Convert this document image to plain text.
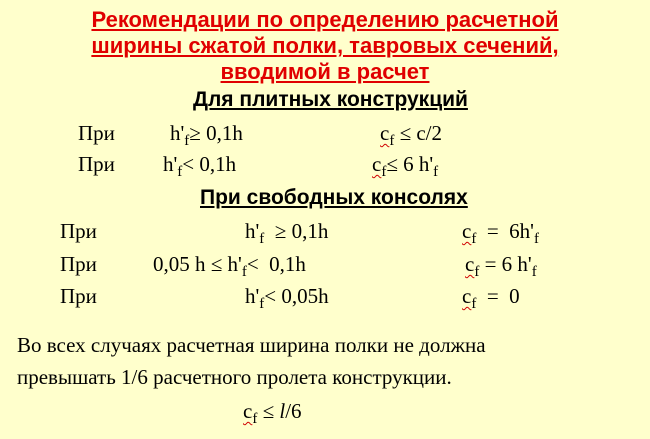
Рекомендации по определению расчетной
ширины сжатой полки, тавровых сечений,
вводимой в расчет
Для плитных конструкций
При	$h'_f\ge 0,1h$	$c_f \le c/2$
При $h'_f< 0,1h$	$c_f\le 6$ $h'_f$
При свободных консолях
При	$h'_f \ge 0,1h$	$c_f = 6h'_f$
При	0,05 $h \le h'_f< 0,1h$	$c_f = 6$ $h'_f$
При	$h'_f< 0,05h$	$c_f = 0$
Во всех случаях расчетная ширина полки не должна
превышать 1/6 расчетного пролета конструкции.
$c_f \le l/6$
